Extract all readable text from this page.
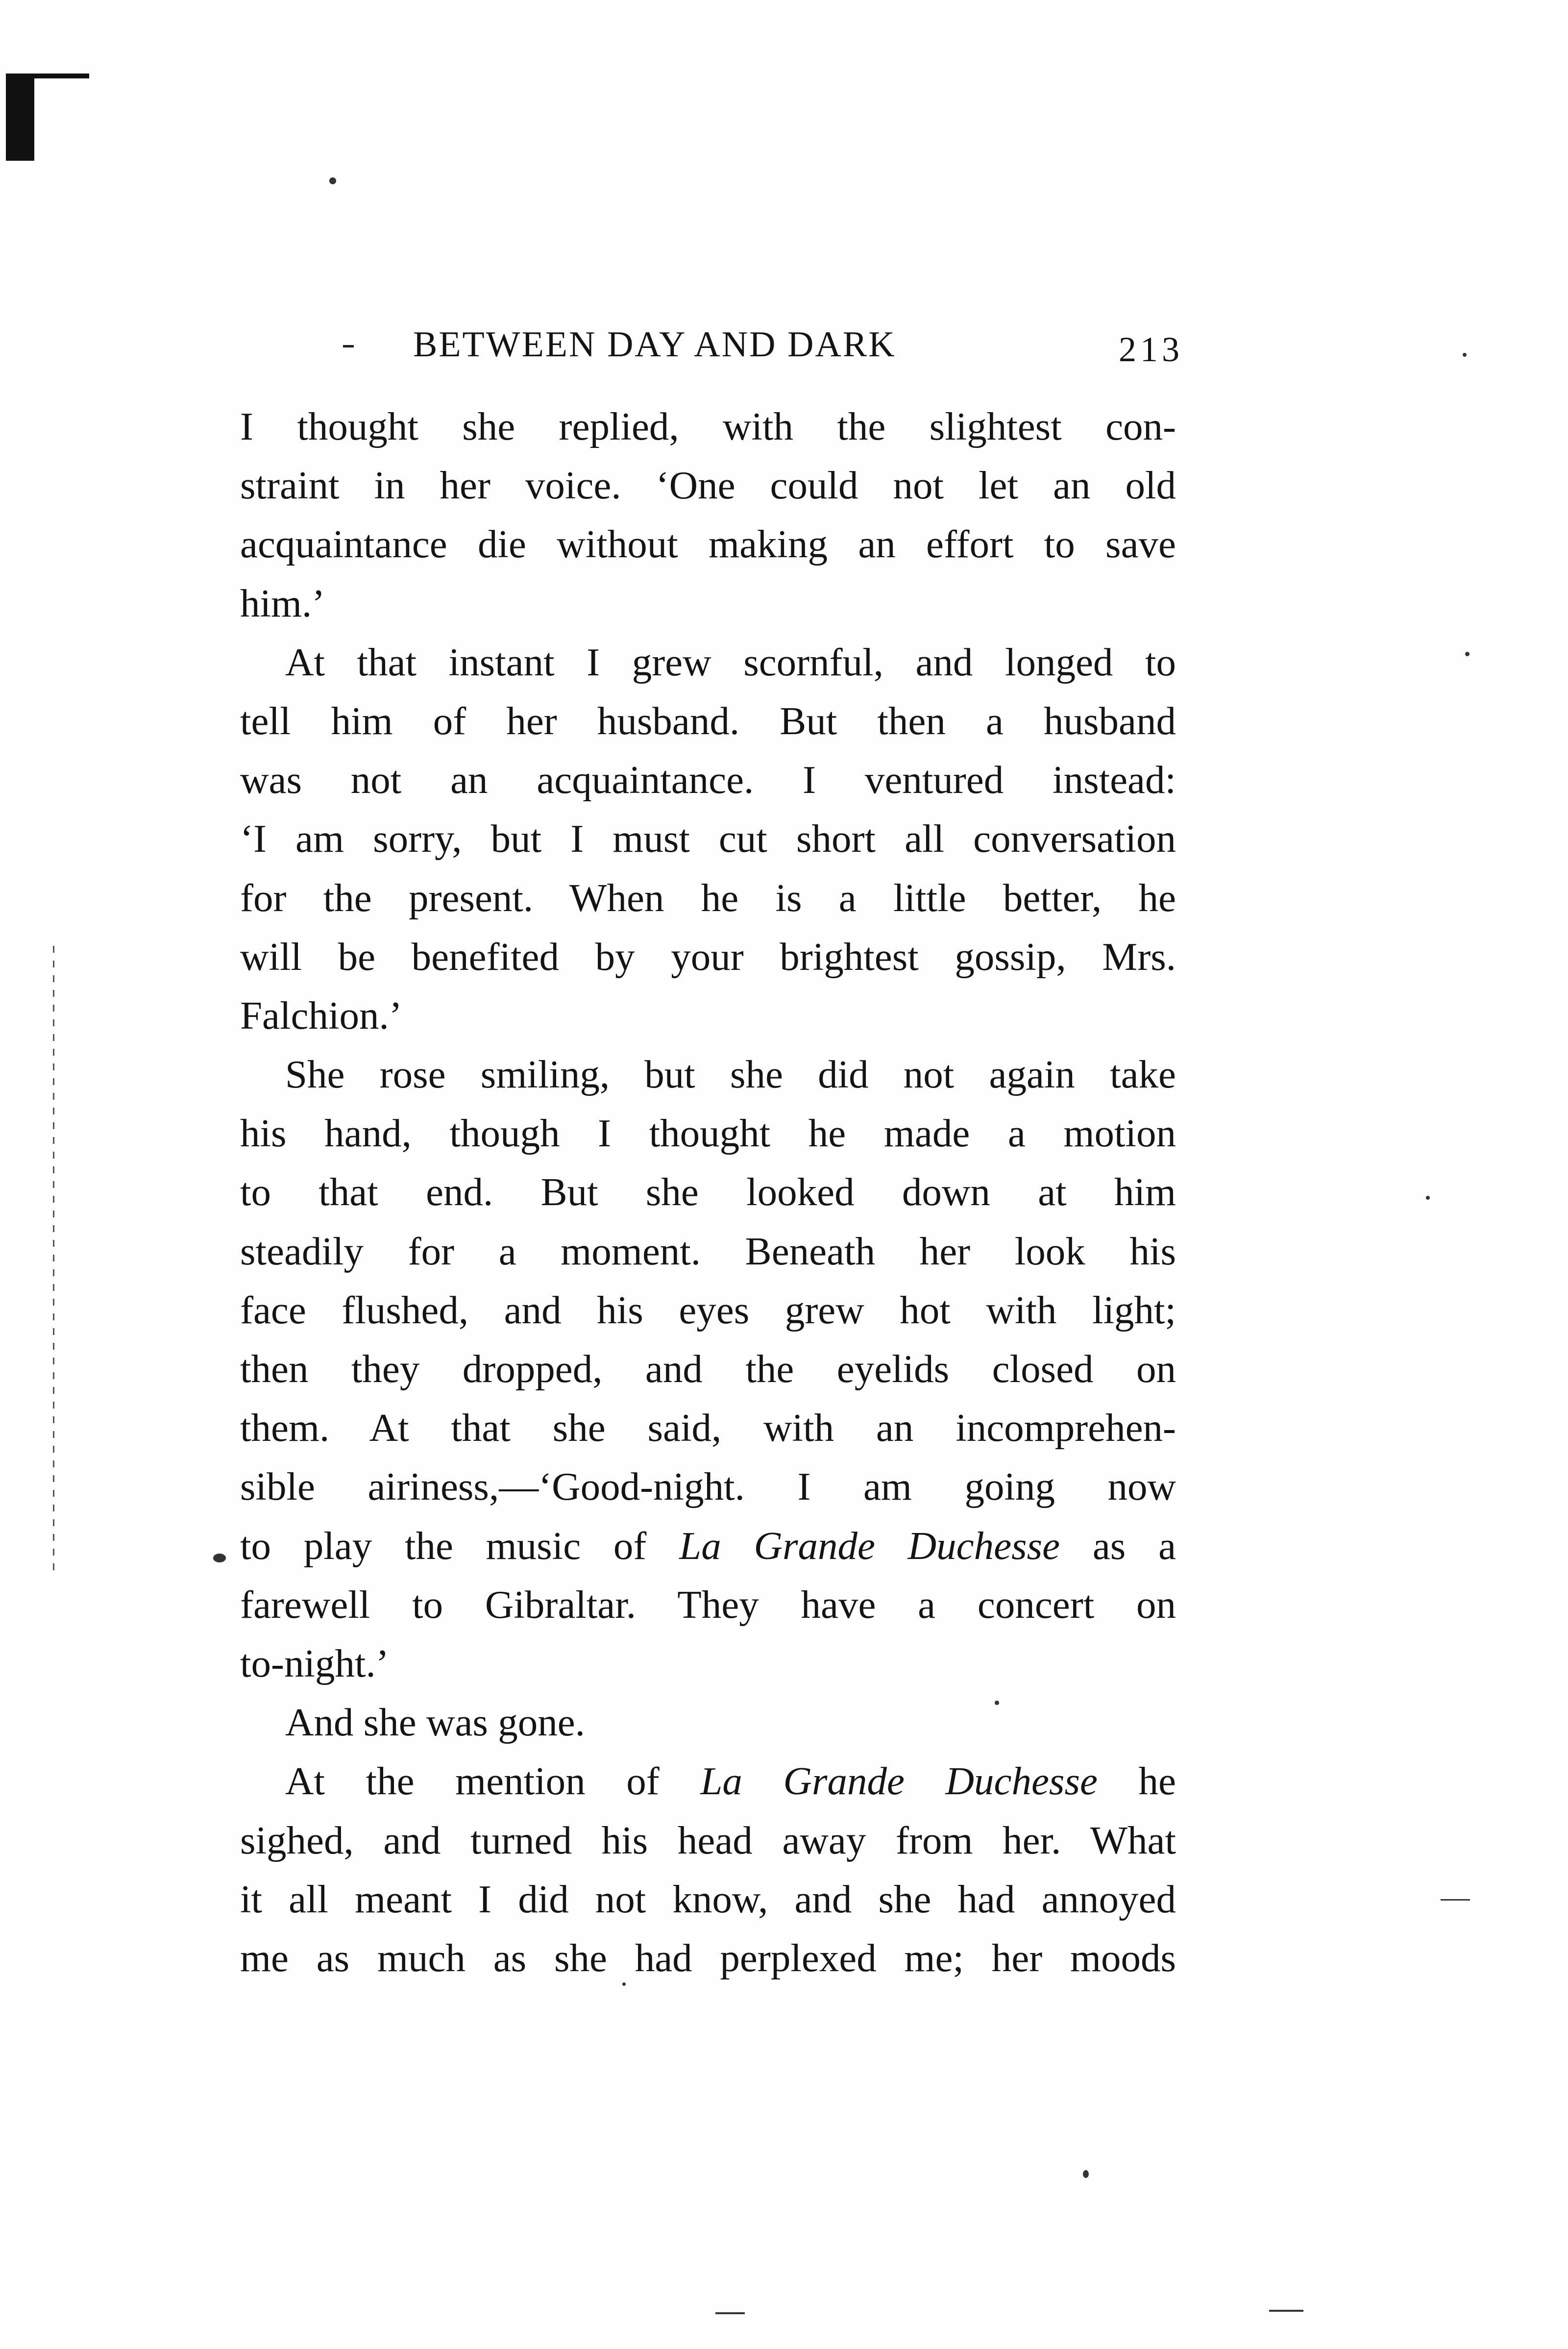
BETWEEN DAY AND DARK	213
I thought she replied, with the slightest con-
straint in her voice. ‘One could not let an old
acquaintance die without making an effort to save
him.’
At that instant I grew scornful, and longed to
tell him of her husband. But then a husband
was not an acquaintance. I ventured instead:
‘I am sorry, but I must cut short all conversation
for the present. When he is a little better, he
will be benefited by your brightest gossip, Mrs.
Falchion.’
She rose smiling, but she did not again take
his hand, though I thought he made a motion
to that end. But she looked down at him
steadily for a moment. Beneath her look his
face flushed, and his eyes grew hot with light;
then they dropped, and the eyelids closed on
them. At that she said, with an incomprehen-
sible airiness,—‘Good-night. I am going now
to play the music of La Grande Duchesse as a
farewell to Gibraltar. They have a concert on
to-night.’
And she was gone.
At the mention of La Grande Duchesse he
sighed, and turned his head away from her. What
it all meant I did not know, and she had annoyed
me as much as she had perplexed me; her moods
